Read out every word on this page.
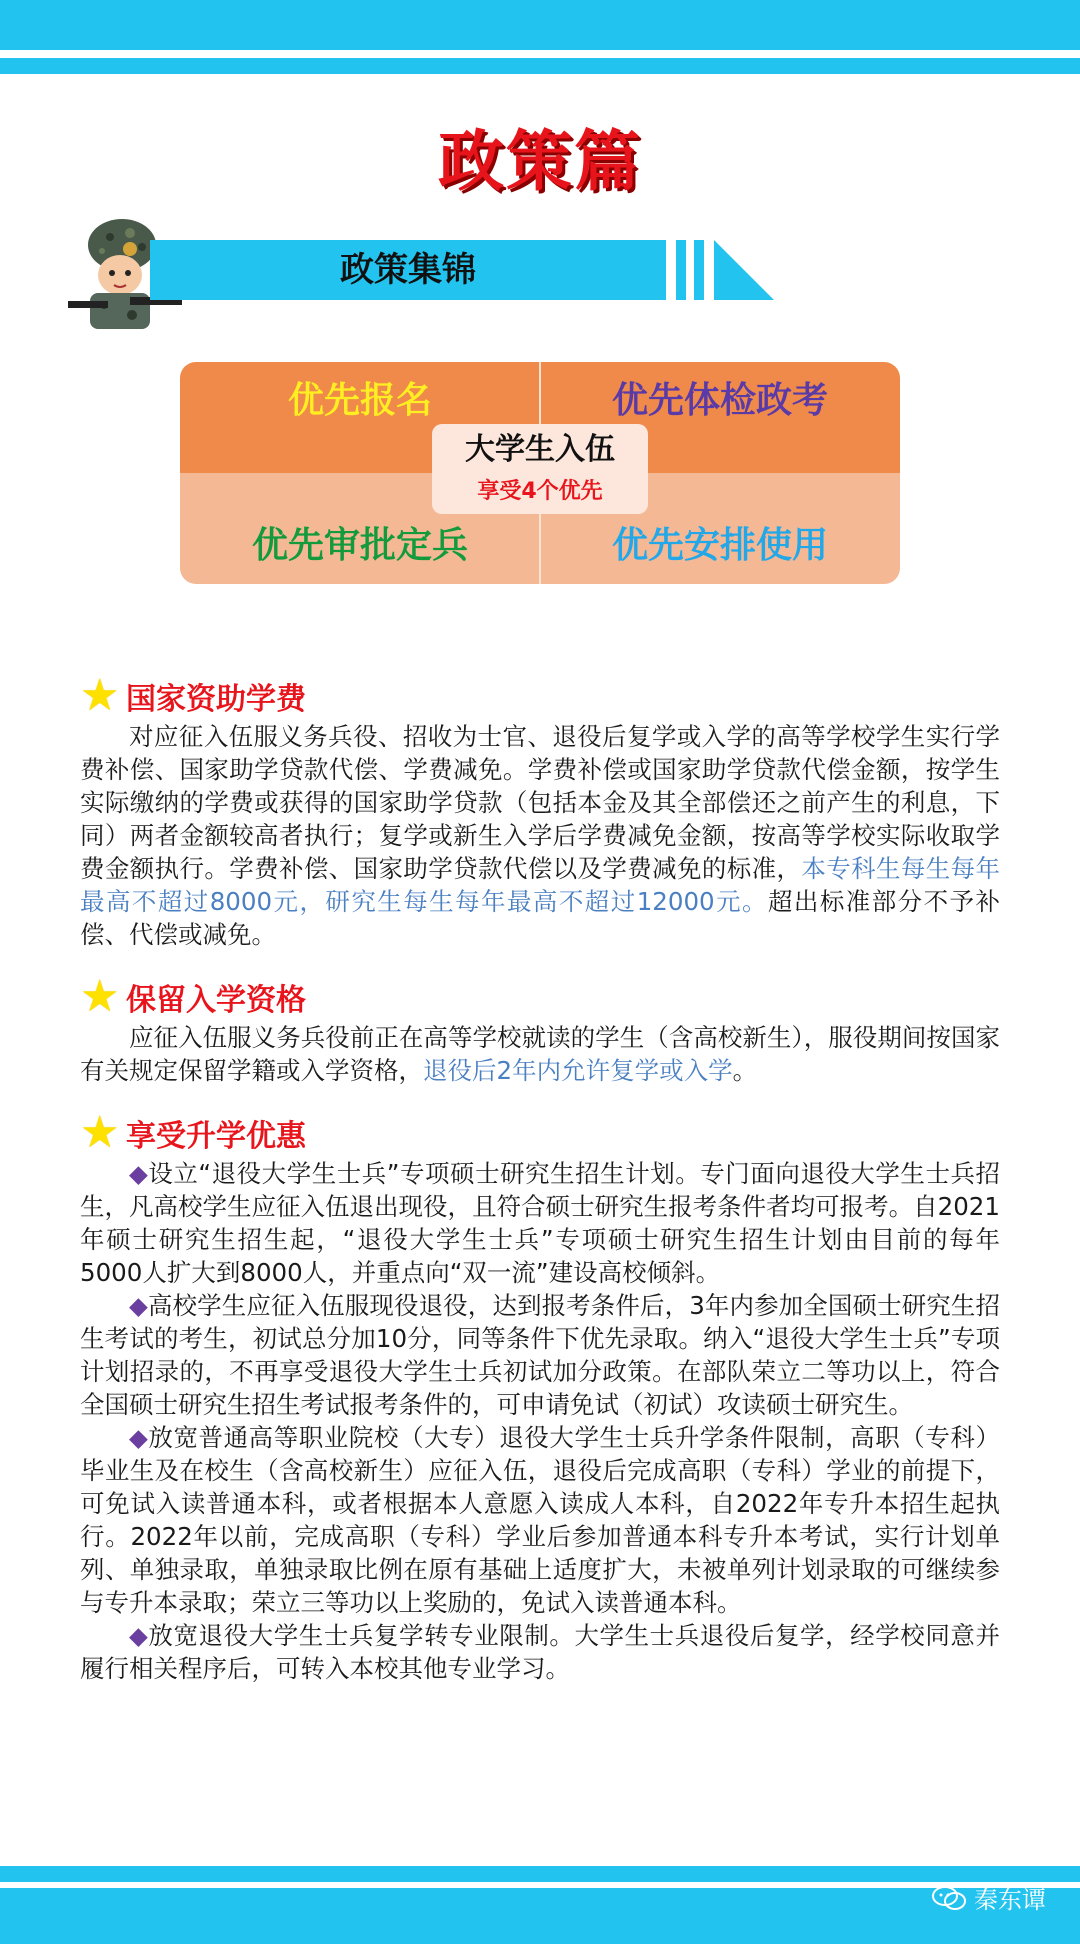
政策篇
政策集锦
优先报名	优先体检政考
优先审批定兵	优先安排使用
大学生入伍
享受4个优先
★ 国家资助学费

对应征入伍服义务兵役、招收为士官、退役后复学或入学的高等学校学生实行学费补偿、国家助学贷款代偿、学费减免。学费补偿或国家助学贷款代偿金额，按学生实际缴纳的学费或获得的国家助学贷款（包括本金及其全部偿还之前产生的利息，下同）两者金额较高者执行；复学或新生入学后学费减免金额，按高等学校实际收取学费金额执行。学费补偿、国家助学贷款代偿以及学费减免的标准，本专科生每生每年最高不超过8000元，研究生每生每年最高不超过12000元。超出标准部分不予补偿、代偿或减免。

★ 保留入学资格

应征入伍服义务兵役前正在高等学校就读的学生（含高校新生），服役期间按国家有关规定保留学籍或入学资格，退役后2年内允许复学或入学。

★ 享受升学优惠

◆设立“退役大学生士兵”专项硕士研究生招生计划。专门面向退役大学生士兵招生，凡高校学生应征入伍退出现役，且符合硕士研究生报考条件者均可报考。自2021年硕士研究生招生起，“退役大学生士兵”专项硕士研究生招生计划由目前的每年5000人扩大到8000人，并重点向“双一流”建设高校倾斜。

◆高校学生应征入伍服现役退役，达到报考条件后，3年内参加全国硕士研究生招生考试的考生，初试总分加10分，同等条件下优先录取。纳入“退役大学生士兵”专项计划招录的，不再享受退役大学生士兵初试加分政策。在部队荣立二等功以上，符合全国硕士研究生招生考试报考条件的，可申请免试（初试）攻读硕士研究生。

◆放宽普通高等职业院校（大专）退役大学生士兵升学条件限制，高职（专科）毕业生及在校生（含高校新生）应征入伍，退役后完成高职（专科）学业的前提下，可免试入读普通本科，或者根据本人意愿入读成人本科，自2022年专升本招生起执行。2022年以前，完成高职（专科）学业后参加普通本科专升本考试，实行计划单列、单独录取，单独录取比例在原有基础上适度扩大，未被单列计划录取的可继续参与专升本录取；荣立三等功以上奖励的，免试入读普通本科。

◆放宽退役大学生士兵复学转专业限制。大学生士兵退役后复学，经学校同意并履行相关程序后，可转入本校其他专业学习。

秦东谭
